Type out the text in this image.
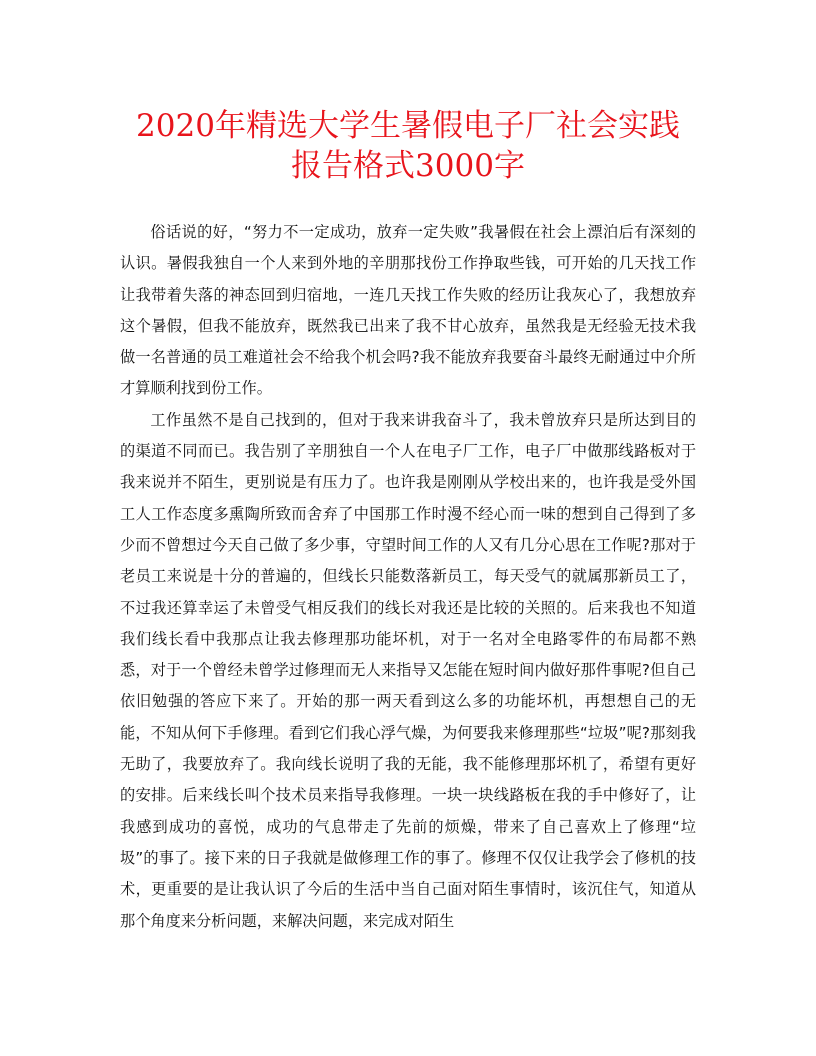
2020年精选大学生暑假电子厂社会实践
报告格式3000字

俗话说的好，“努力不一定成功，放弃一定失败”我暑假在社会上漂泊后有深刻的认识。暑假我独自一个人来到外地的辛朋那找份工作挣取些钱，可开始的几天找工作让我带着失落的神态回到归宿地，一连几天找工作失败的经历让我灰心了，我想放弃这个暑假，但我不能放弃，既然我已出来了我不甘心放弃，虽然我是无经验无技术我做一名普通的员工难道社会不给我个机会吗?我不能放弃我要奋斗最终无耐通过中介所才算顺利找到份工作。

工作虽然不是自己找到的，但对于我来讲我奋斗了，我未曾放弃只是所达到目的的渠道不同而已。我告别了辛朋独自一个人在电子厂工作，电子厂中做那线路板对于我来说并不陌生，更别说是有压力了。也许我是刚刚从学校出来的，也许我是受外国工人工作态度多熏陶所致而舍弃了中国那工作时漫不经心而一味的想到自己得到了多少而不曾想过今天自己做了多少事，守望时间工作的人又有几分心思在工作呢?那对于老员工来说是十分的普遍的，但线长只能数落新员工，每天受气的就属那新员工了，不过我还算幸运了未曾受气相反我们的线长对我还是比较的关照的。后来我也不知道我们线长看中我那点让我去修理那功能坏机，对于一名对全电路零件的布局都不熟悉，对于一个曾经未曾学过修理而无人来指导又怎能在短时间内做好那件事呢?但自己依旧勉强的答应下来了。开始的那一两天看到这么多的功能坏机，再想想自己的无能，不知从何下手修理。看到它们我心浮气燥，为何要我来修理那些“垃圾”呢?那刻我无助了，我要放弃了。我向线长说明了我的无能，我不能修理那坏机了，希望有更好的安排。后来线长叫个技术员来指导我修理。一块一块线路板在我的手中修好了，让我感到成功的喜悦，成功的气息带走了先前的烦燥，带来了自己喜欢上了修理“垃圾”的事了。接下来的日子我就是做修理工作的事了。修理不仅仅让我学会了修机的技术，更重要的是让我认识了今后的生活中当自己面对陌生事情时，该沉住气，知道从那个角度来分析问题，来解决问题，来完成对陌生
